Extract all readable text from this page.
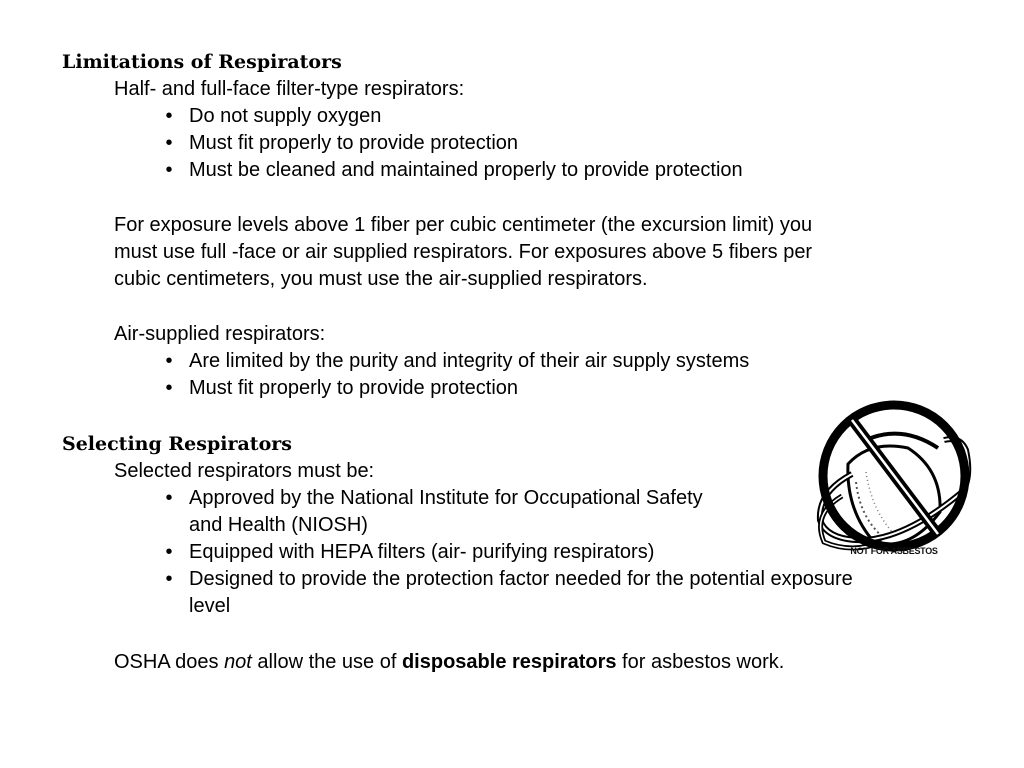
Limitations of Respirators
Half- and full-face filter-type respirators:
• Do not supply oxygen
• Must fit properly to provide protection
• Must be cleaned and maintained properly to provide protection
For exposure levels above 1 fiber per cubic centimeter (the excursion limit) you
must use full -face or air supplied respirators. For exposures above 5 fibers per
cubic centimeters, you must use the air-supplied respirators.
Air-supplied respirators:
• Are limited by the purity and integrity of their air supply systems
• Must fit properly to provide protection
Selecting Respirators
Selected respirators must be:
• Approved by the National Institute for Occupational Safety
and Health (NIOSH)
• Equipped with HEPA filters (air- purifying respirators)
• Designed to provide the protection factor needed for the potential exposure
level
OSHA does not allow the use of disposable respirators for asbestos work.
NOT FOR ASBESTOS
